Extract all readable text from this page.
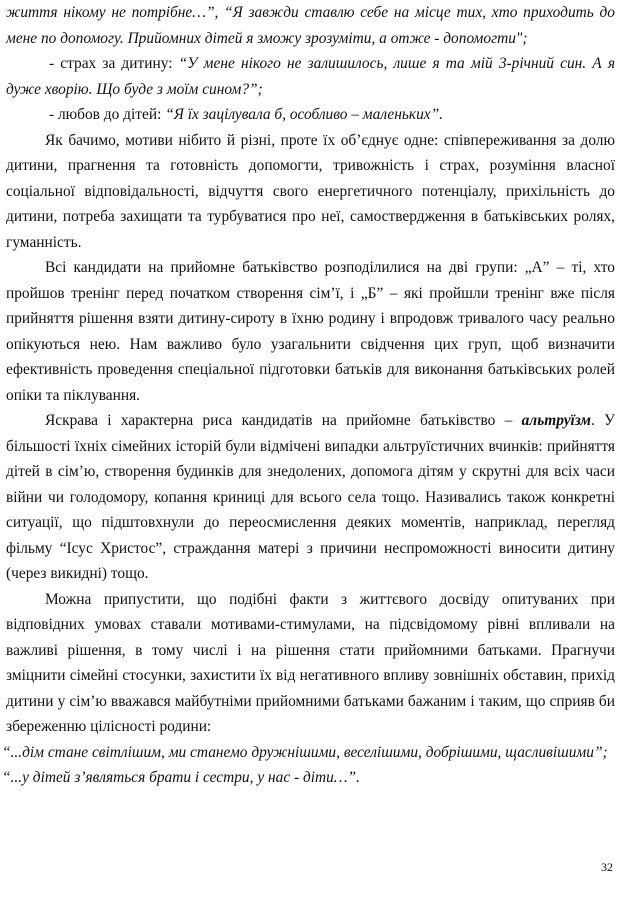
життя нікому не потрібне…”, “Я завжди ставлю себе на місце тих, хто приходить до мене по допомогу. Прийомних дітей я зможу зрозуміти, а отже - допомогти";

- страх за дитину: “У мене нікого не залишилось, лише я та мій 3-річний син. А я дуже хворію. Що буде з моїм сином?”;

- любов до дітей: “Я їх зацілувала б, особливо – маленьких”.

Як бачимо, мотиви нібито й різні, проте їх об’єднує одне: співпереживання за долю дитини, прагнення та готовність допомогти, тривожність і страх, розуміння власної соціальної відповідальності, відчуття свого енергетичного потенціалу, прихільність до дитини, потреба захищати та турбуватися про неї, самоствердження в батьківських ролях, гуманність.

Всі кандидати на прийомне батьківство розподілилися на дві групи: „А” – ті, хто пройшов тренінг перед початком створення сім’ї, і „Б” – які пройшли тренінг вже після прийняття рішення взяти дитину-сироту в їхню родину і впродовж тривалого часу реально опікуються нею. Нам важливо було узагальнити свідчення цих груп, щоб визначити ефективність проведення спеціальної підготовки батьків для виконання батьківських ролей опіки та піклування.

Яскрава і характерна риса кандидатів на прийомне батьківство – альтруїзм. У більшості їхніх сімейних історій були відмічені випадки альтруїстичних вчинків: прийняття дітей в сім’ю, створення будинків для знедолених, допомога дітям у скрутні для всіх часи війни чи голодомору, копання криниці для всього села тощо. Називались також конкретні ситуації, що підштовхнули до переосмислення деяких моментів, наприклад, перегляд фільму “Ісус Христос”, страждання матері з причини неспроможності виносити дитину (через викидні) тощо.

Можна припустити, що подібні факти з життєвого досвіду опитуваних при відповідних умовах ставали мотивами-стимулами, на підсвідомому рівні впливали на важливі рішення, в тому числі і на рішення стати прийомними батьками. Прагнучи зміцнити сімейні стосунки, захистити їх від негативного впливу зовнішніх обставин, прихід дитини у сім’ю вважався майбутніми прийомними батьками бажаним і таким, що сприяв би збереженню цілісності родини:

“...дім стане світлішим, ми станемо дружнішими, веселішими, добрішими, щасливішими”;

“...у дітей з’являться брати і сестри, у нас - діти…”.

32
